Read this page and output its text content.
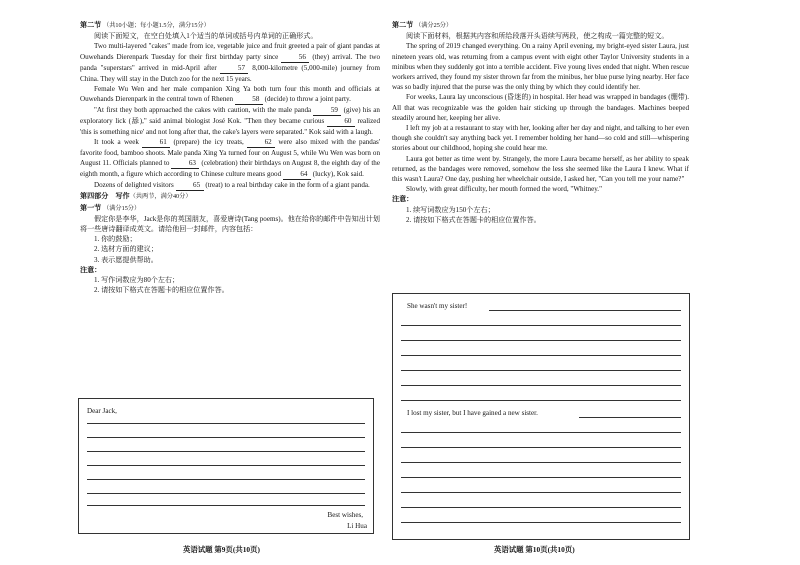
第二节 （共10小题；每小题1.5分，满分15分）

阅读下面短文，在空白处填入1个适当的单词或括号内单词的正确形式。

Two multi-layered "cakes" made from ice, vegetable juice and fruit greeted a pair of giant pandas at Ouwehands Dierenpark Tuesday for their first birthday party since	56 (they) arrival. The two panda "superstars" arrived in mid-April after	57 8,000-kilometre (5,000-mile) journey from China. They will stay in the Dutch zoo for the next 15 years.

Female Wu Wen and her male companion Xing Ya both turn four this month and officials at Ouwehands Dierenpark in the central town of Rhenen	58 (decide) to throw a joint party.

"At first they both approached the cakes with caution, with the male panda	59 (give) his an exploratory lick (舔)," said animal biologist José Kok. "Then they became curious	60 realized 'this is something nice' and not long after that, the cake's layers were separated." Kok said with a laugh.

It took a week	61 (prepare) the icy treats,	62 were also mixed with the pandas' favorite food, bamboo shoots. Male panda Xing Ya turned four on August 5, while Wu Wen was born on August 11. Officials planned to	63 (celebration) their birthdays on August 8, the eighth day of the eighth month, a figure which according to Chinese culture means good	64 (lucky), Kok said.

Dozens of delighted visitors	65 (treat) to a real birthday cake in the form of a giant panda.

第四部分　写作（共两节，满分40分）

第一节 （满分15分）

假定你是李华，Jack是你的英国朋友，喜爱唐诗(Tang poems)。他在给你的邮件中告知出计划将一些唐诗翻译成英文。请给他回一封邮件，内容包括：

1. 你的鼓励；

2. 选材方面的建议；

3. 表示愿提供帮助。

注意：

1. 写作词数应为80个左右；

2. 请按如下格式在答题卡的相应位置作答。

Dear Jack,
Best wishes,
Li Hua
英语试题 第9页(共10页)

第二节 （满分25分）

阅读下面材料，根据其内容和所给段落开头语续写两段，使之构成一篇完整的短文。

The spring of 2019 changed everything. On a rainy April evening, my bright-eyed sister Laura, just nineteen years old, was returning from a campus event with eight other Taylor University students in a minibus when they suddenly got into a terrible accident. Five young lives ended that night. When rescue workers arrived, they found my sister thrown far from the minibus, her blue purse lying nearby. Her face was so badly injured that the purse was the only thing by which they could identify her.

For weeks, Laura lay unconscious (昏迷的) in hospital. Her head was wrapped in bandages (绷带). All that was recognizable was the golden hair sticking up through the bandages. Machines beeped steadily around her, keeping her alive.

I left my job at a restaurant to stay with her, looking after her day and night, and talking to her even though she couldn't say anything back yet. I remember holding her hand—so cold and still—whispering stories about our childhood, hoping she could hear me.

Laura got better as time went by. Strangely, the more Laura became herself, as her ability to speak returned, as the bandages were removed, somehow the less she seemed like the Laura I knew. What if this wasn't Laura? One day, pushing her wheelchair outside, I asked her, "Can you tell me your name?"

Slowly, with great difficulty, her mouth formed the word, "Whitney."

注意：

1. 续写词数应为150个左右；

2. 请按如下格式在答题卡的相应位置作答。

She wasn't my sister!
I lost my sister, but I have gained a new sister.
英语试题 第10页(共10页)
